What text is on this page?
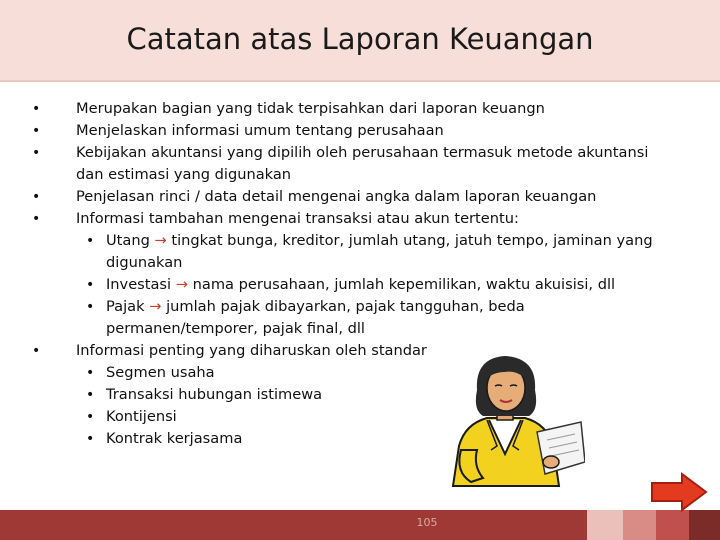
Catatan atas Laporan Keuangan
• Merupakan bagian yang tidak terpisahkan dari laporan keuangn
• Menjelaskan informasi umum tentang perusahaan
• Kebijakan akuntansi yang dipilih oleh perusahaan termasuk metode akuntansi dan estimasi yang digunakan
• Penjelasan rinci / data detail mengenai angka dalam laporan keuangan
• Informasi tambahan mengenai transaksi atau akun tertentu:
• Utang → tingkat bunga, kreditor, jumlah utang, jatuh tempo, jaminan yang digunakan
• Investasi → nama perusahaan, jumlah kepemilikan, waktu akuisisi, dll
• Pajak → jumlah pajak dibayarkan, pajak tangguhan, beda permanen/temporer, pajak final, dll
• Informasi penting yang diharuskan oleh standar
• Segmen usaha
• Transaksi hubungan istimewa
• Kontijensi
• Kontrak kerjasama
105
